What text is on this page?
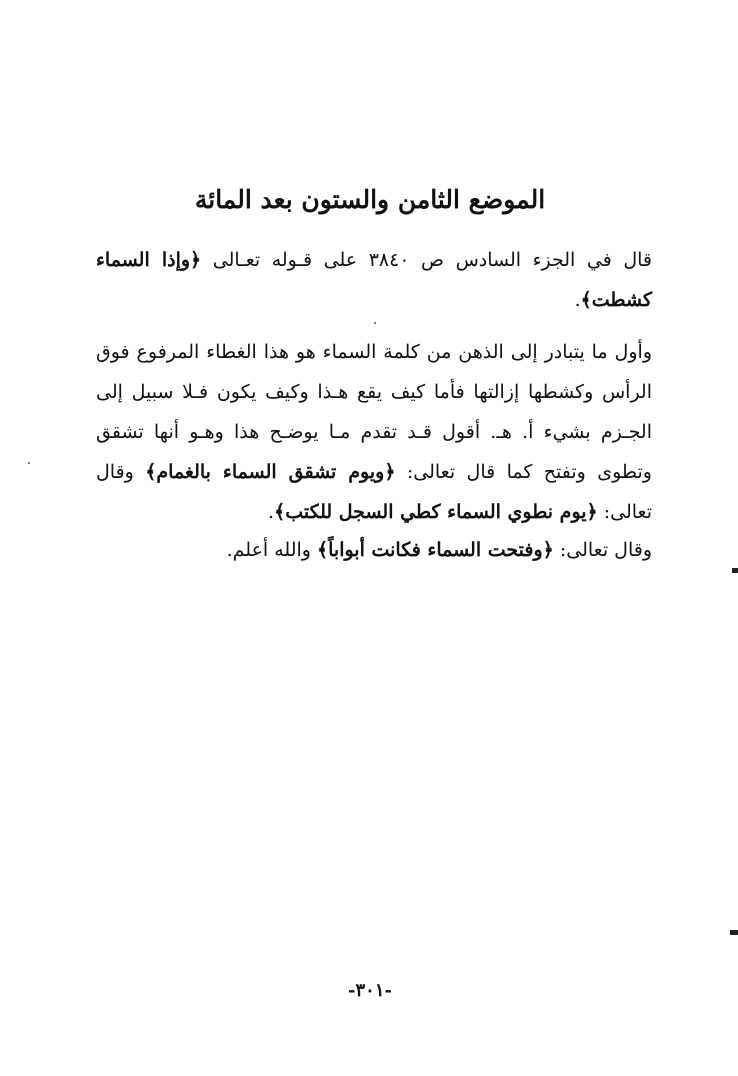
الموضع الثامن والستون بعد المائة

قال في الجزء السادس ص ٣٨٤٠ على قـوله تعـالى ﴿وإذا السماء كشطت﴾.

وأول ما يتبادر إلى الذهن من كلمة السماء هو هذا الغطاء المرفوع فوق الرأس وكشطها إزالتها فأما كيف يقع هـذا وكيف يكون فـلا سبيل إلى الجـزم بشيء أ. هـ. أقول قـد تقدم مـا يوضـح هذا وهـو أنها تشقق وتطوى وتفتح كما قال تعالى: ﴿ويوم تشقق السماء بالغمام﴾ وقال تعالى: ﴿يوم نطوي السماء كطي السجل للكتب﴾.

وقال تعالى: ﴿وفتحت السماء فكانت أبواباً﴾ والله أعلم.

-٣٠١-
